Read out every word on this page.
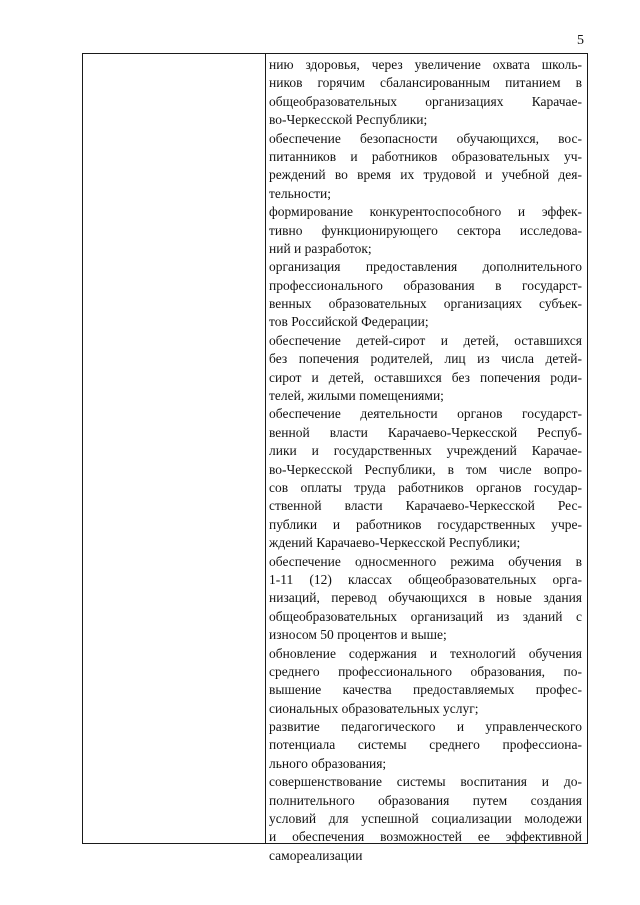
5
нию здоровья, через увеличение охвата школь-
ников горячим сбалансированным питанием в
общеобразовательных организациях Карачае-
во-Черкесской Республики;
обеспечение безопасности обучающихся, вос-
питанников и работников образовательных уч-
реждений во время их трудовой и учебной дея-
тельности;
формирование конкурентоспособного и эффек-
тивно функционирующего сектора исследова-
ний и разработок;
организация предоставления дополнительного
профессионального образования в государст-
венных образовательных организациях субъек-
тов Российской Федерации;
обеспечение детей-сирот и детей, оставшихся
без попечения родителей, лиц из числа детей-
сирот и детей, оставшихся без попечения роди-
телей, жилыми помещениями;
обеспечение деятельности органов государст-
венной власти Карачаево-Черкесской Респуб-
лики и государственных учреждений Карачае-
во-Черкесской Республики, в том числе вопро-
сов оплаты труда работников органов государ-
ственной власти Карачаево-Черкесской Рес-
публики и работников государственных учре-
ждений Карачаево-Черкесской Республики;
обеспечение односменного режима обучения в
1-11 (12) классах общеобразовательных орга-
низаций, перевод обучающихся в новые здания
общеобразовательных организаций из зданий с
износом 50 процентов и выше;
обновление содержания и технологий обучения
среднего профессионального образования, по-
вышение качества предоставляемых профес-
сиональных образовательных услуг;
развитие педагогического и управленческого
потенциала системы среднего профессиона-
льного образования;
совершенствование системы воспитания и до-
полнительного образования путем создания
условий для успешной социализации молодежи
и обеспечения возможностей ее эффективной
самореализации
